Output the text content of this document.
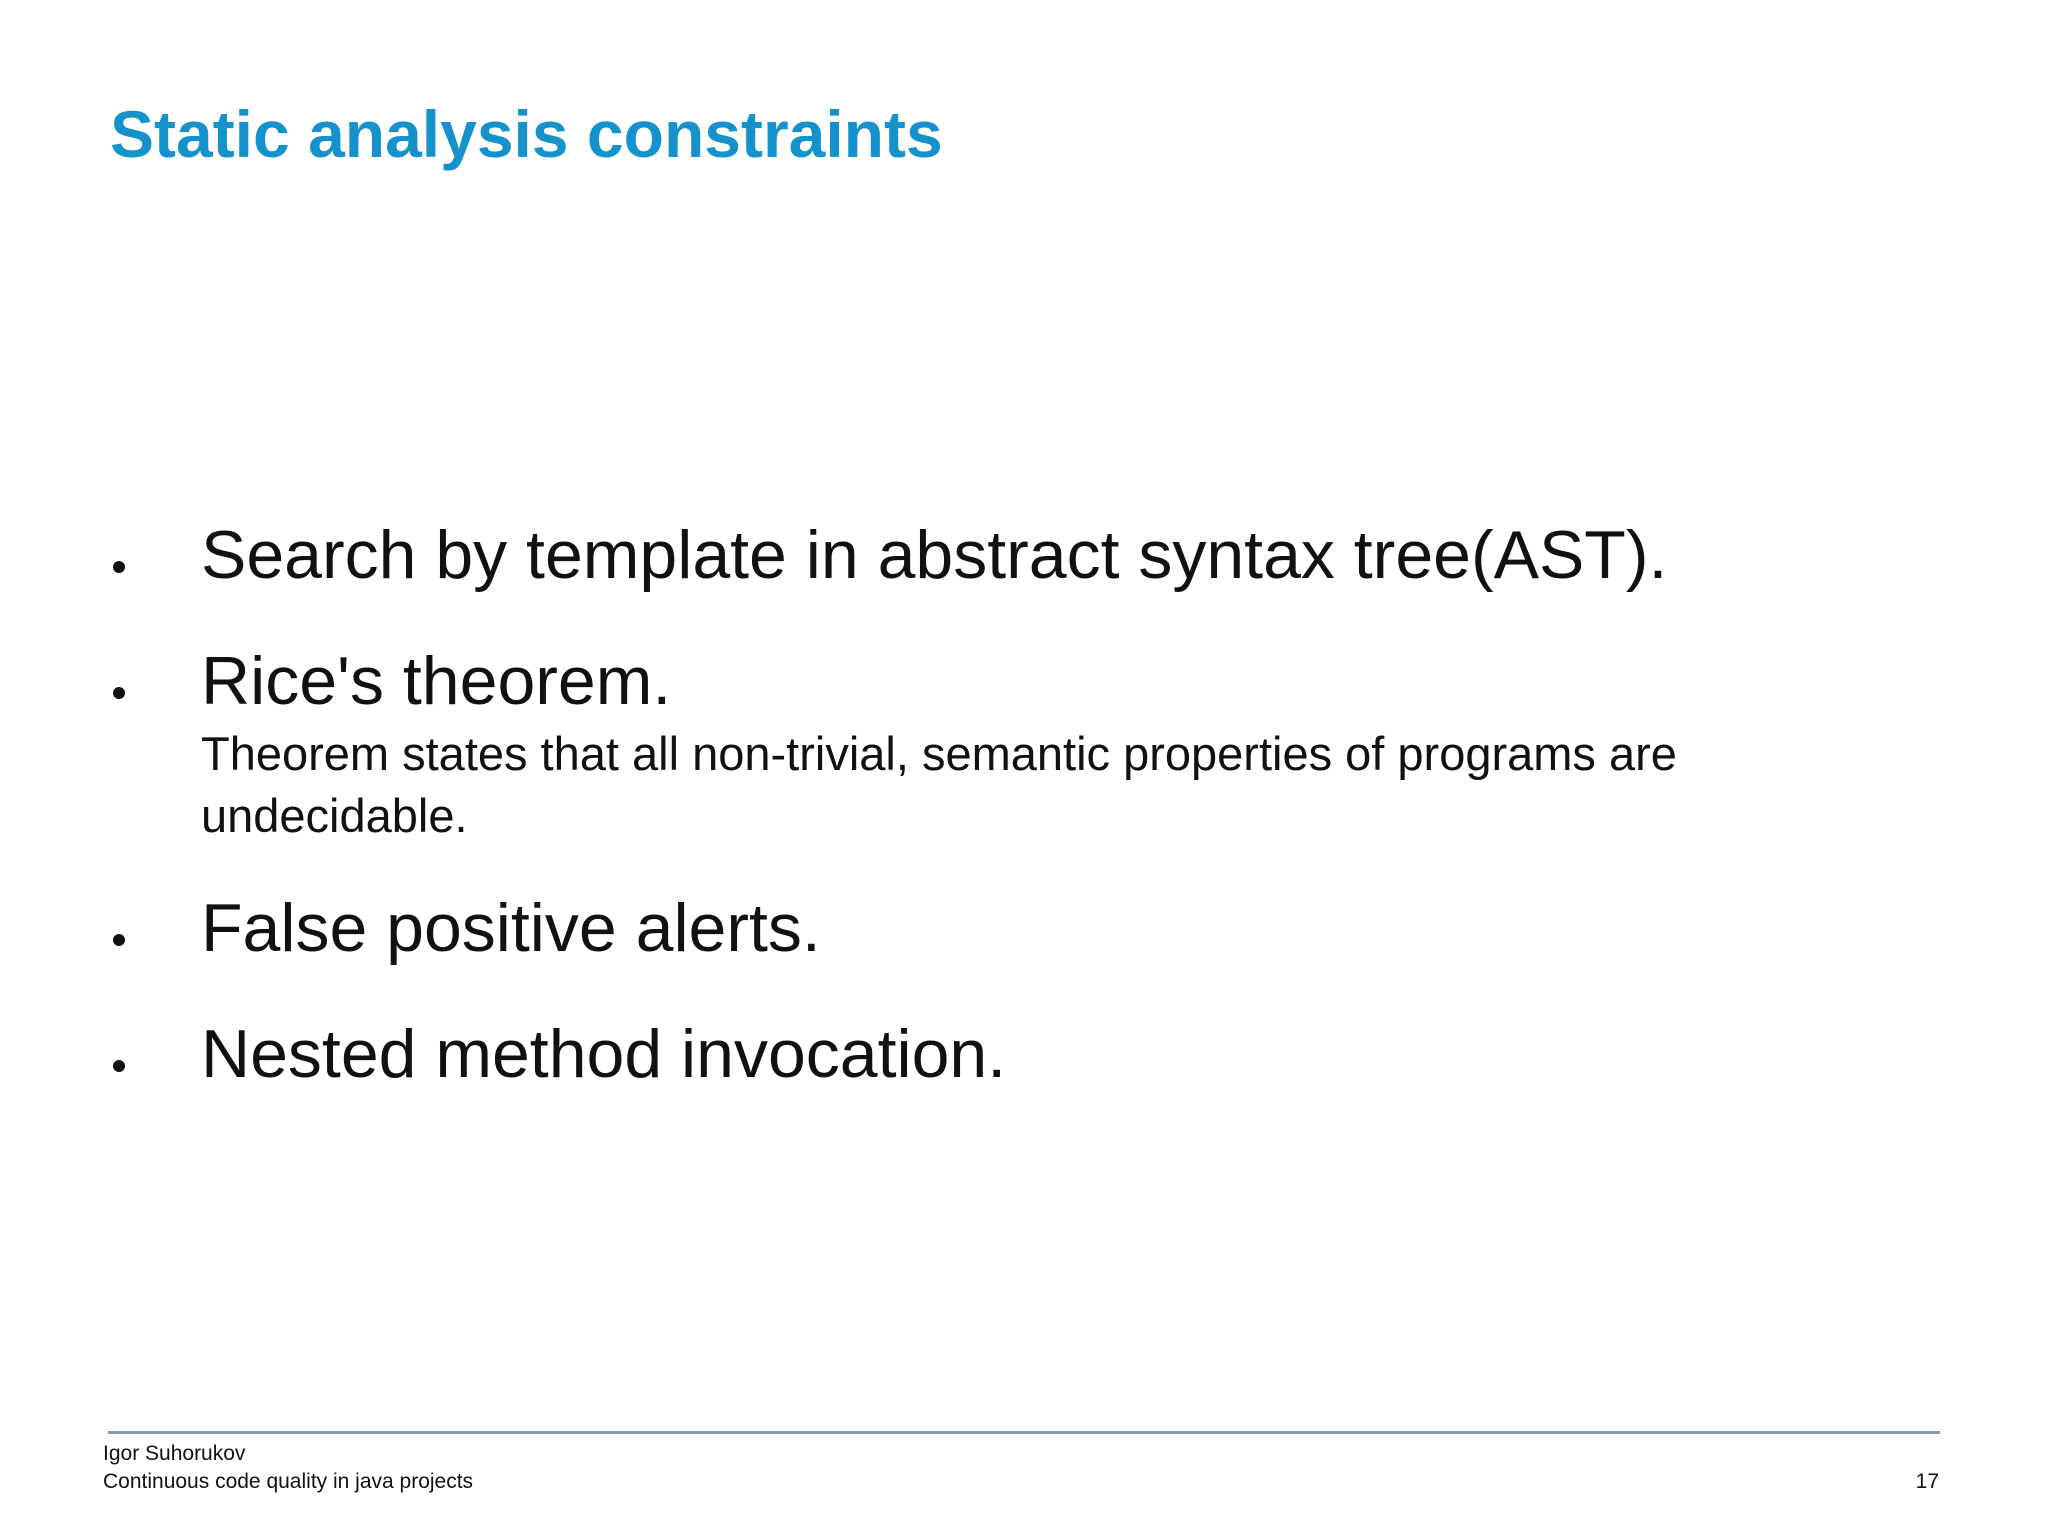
Static analysis constraints
Search by template in abstract syntax tree(AST).
Rice's theorem.
Theorem states that all non-trivial, semantic properties of programs are undecidable.
False positive alerts.
Nested method invocation.
Igor Suhorukov
Continuous code quality in java projects	17
